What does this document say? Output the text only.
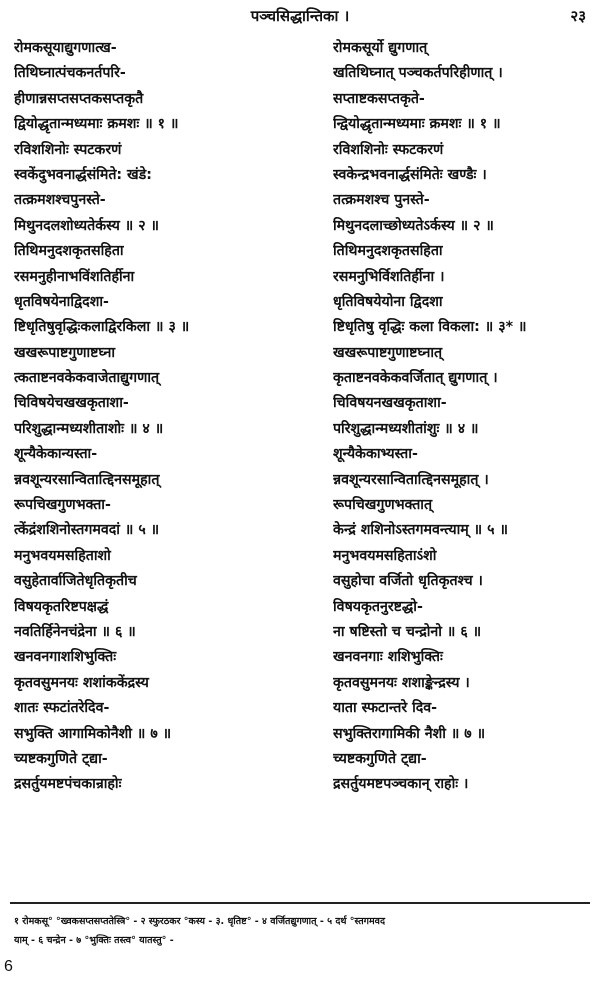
पञ्चसिद्धान्तिका ।	२३
रोमकसूयाद्युगणात्ख-
तिथिघ्नात्पंचकनर्तपरि-
हीणान्नसप्तसप्तकसप्तकृतै
द्वियोद्धृतान्मध्यमाः क्रमशः ॥ १ ॥
रविशशिनोः स्पटकरणं
स्वकेंदुभवनार्द्धसंमिते: खंडे:
तत्क्रमशश्चपुनस्ते-
मिथुनदलशोध्यतेर्कस्य ॥ २ ॥
तिथिमनुदशकृतसहिता
रसमनुहीनाभविंशतिर्हीना
धृतविषयेनाद्विदशा-
ष्टिधृतिषुवृद्धिःकलाद्विरकिला ॥ ३ ॥
खखरूपाष्टगुणाष्टघ्ना
त्कताष्टनवकेकवाजेताद्युगणात्
चिविषयेचखखकृताशा-
परिशुद्धान्मध्यशीताशोः ॥ ४ ॥
शून्यैकेकान्यस्ता-
न्नवशून्यरसान्वितात्द्दिनसमूहात्
रूपचिखगुणभक्ता-
त्केंद्रंशशिनोस्तगमवदां ॥ ५ ॥
मनुभवयमसहिताशो
वसुहेतार्वाजितेधृतिकृतीच
विषयकृतरिष्टपक्षद्धं
नवतिर्हिनेनचंद्रेना ॥ ६ ॥
खनवनगाशशिभुक्तिः
कृतवसुमनयः शशांककेंद्रस्य
शातः स्फटांतरेदिव-
सभुक्ति आगामिकोनैशी ॥ ७ ॥
च्यष्टकगुणिते ट्द्या-
द्रसर्तुयमष्टपंचकान्राहोः
रोमकसूर्यो द्युगणात्
खतिथिघ्नात् पञ्चकर्तपरिहीणात् ।
सप्ताष्टकसप्तकृते-
न्द्वियोद्धृतान्मध्यमाः क्रमशः ॥ १ ॥
रविशशिनोः स्फटकरणं
स्वकेन्द्रभवनार्द्धसंमितेः खण्डैः ।
तत्क्रमशश्च पुनस्ते-
मिथुनदलाच्छोध्यतेऽर्कस्य ॥ २ ॥
तिथिमनुदशकृतसहिता
रसमनुभिर्विशतिर्हीना ।
धृतिविषयेयोना द्विदशा
ष्टिधृतिषु वृद्धिः कला विकला: ॥ ३* ॥
खखरूपाष्टगुणाष्टघ्नात्
कृताष्टनवकेकवर्जितात् द्युगणात् ।
चिविषयनखखकृताशा-
परिशुद्धान्मध्यशीतांशुः ॥ ४ ॥
शून्यैकेकाभ्यस्ता-
न्नवशून्यरसान्वितात्द्दिनसमूहात् ।
रूपचिखगुणभक्तात्
केन्द्रं शशिनोऽस्तगमवन्त्याम् ॥ ५ ॥
मनुभवयमसहिताऽंशो
वसुहोचा वर्जितो धृतिकृतश्च ।
विषयकृतनुरष्टद्धो-
ना षष्टिस्तो च चन्द्रोनो ॥ ६ ॥
खनवनगाः शशिभुक्तिः
कृतवसुमनयः शशाङ्केन्द्रस्य ।
याता स्फटान्तरे दिव-
सभुक्तिरागामिकी नैशी ॥ ७ ॥
च्यष्टकगुणिते ट्द्या-
द्रसर्तुयमष्टपञ्चकान् राहोः ।
१ रोमकसू° °ख्वकसप्तसप्ततेस्त्रि° - २ स्फुरठकर °कस्य - ३. धृतिष्ट° - ४ वर्जितद्युगणात् - ५ दर्थ °स्तगमवद
याम् - ६ चन्द्रेन - ७ °भुक्तिः तस्त्व° यातस्तु° -
6
